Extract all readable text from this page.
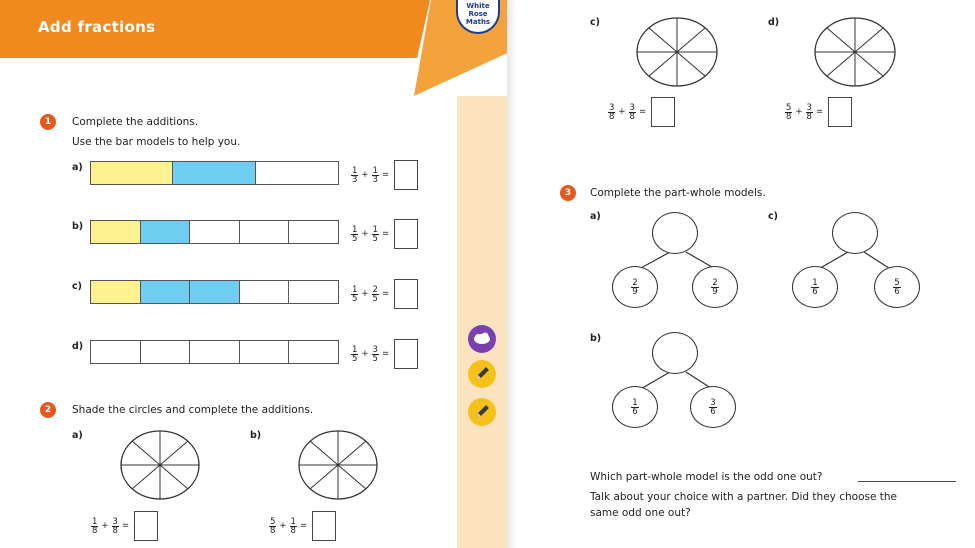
Add fractions
White
Rose
Maths
1	Complete the additions.
Use the bar models to help you.
a)	$\frac{1}{3} + \frac{1}{3}$ =
b)	$\frac{1}{5} + \frac{1}{5}$ =
c)	$\frac{1}{5} + \frac{2}{5}$ =
d)	$\frac{1}{5} + \frac{3}{5}$ =
2	Shade the circles and complete the additions.
a)
$\frac{1}{8} + \frac{3}{8}$ =
b)
$\frac{5}{8} + \frac{1}{8}$ =
c)
$\frac{3}{8} + \frac{3}{8}$ =
d)
$\frac{5}{8} + \frac{3}{8}$ =
3	Complete the part-whole models.
a)
$\frac{2}{9}$	$\frac{2}{9}$
c)
$\frac{1}{6}$	$\frac{5}{6}$
b)
$\frac{1}{6}$	$\frac{3}{6}$
Which part-whole model is the odd one out?
Talk about your choice with a partner. Did they choose the
same odd one out?
